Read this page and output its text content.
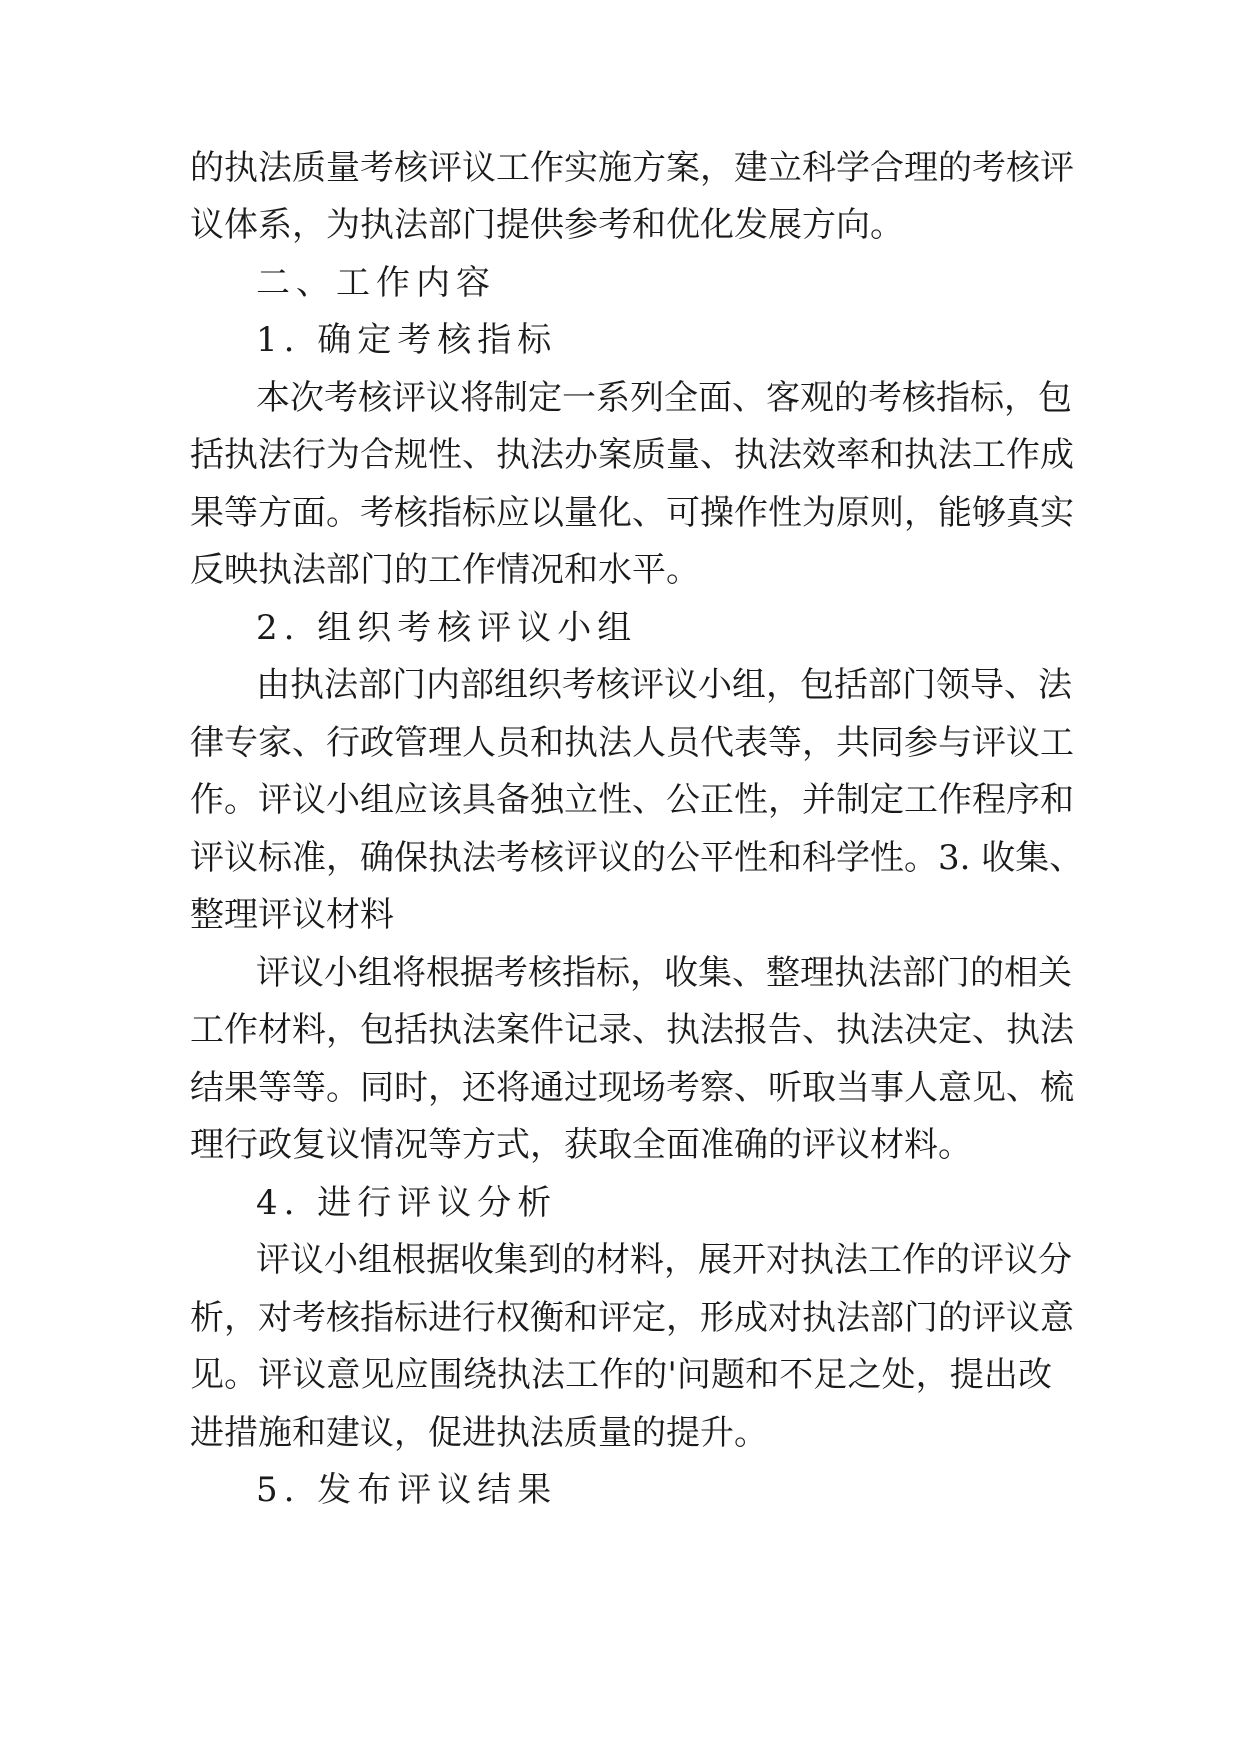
的执法质量考核评议工作实施方案，建立科学合理的考核评
议体系，为执法部门提供参考和优化发展方向。
二、工作内容
1. 确定考核指标
本次考核评议将制定一系列全面、客观的考核指标，包
括执法行为合规性、执法办案质量、执法效率和执法工作成
果等方面。考核指标应以量化、可操作性为原则，能够真实
反映执法部门的工作情况和水平。
2. 组织考核评议小组
由执法部门内部组织考核评议小组，包括部门领导、法
律专家、行政管理人员和执法人员代表等，共同参与评议工
作。评议小组应该具备独立性、公正性，并制定工作程序和
评议标准，确保执法考核评议的公平性和科学性。3. 收集、
整理评议材料
评议小组将根据考核指标，收集、整理执法部门的相关
工作材料，包括执法案件记录、执法报告、执法决定、执法
结果等等。同时，还将通过现场考察、听取当事人意见、梳
理行政复议情况等方式，获取全面准确的评议材料。
4. 进行评议分析
评议小组根据收集到的材料，展开对执法工作的评议分
析，对考核指标进行权衡和评定，形成对执法部门的评议意
见。评议意见应围绕执法工作的'问题和不足之处，提出改
进措施和建议，促进执法质量的提升。
5. 发布评议结果
